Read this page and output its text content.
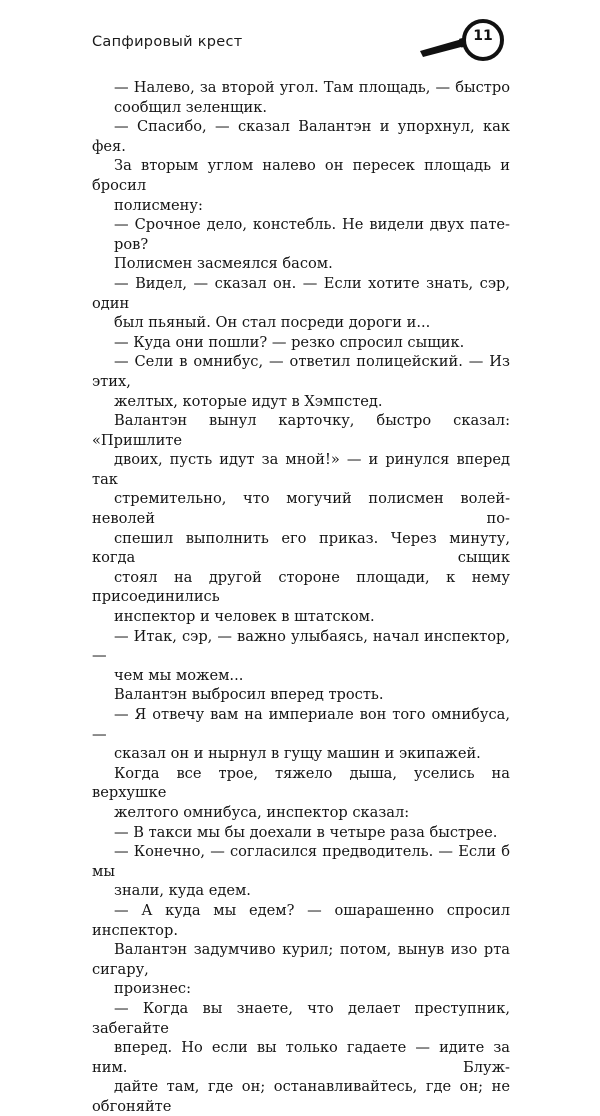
Сапфировый крест	11
— Налево, за второй угол. Там площадь, — быстро
сообщил зеленщик.
— Спасибо, — сказал Валантэн и упорхнул, как фея.
За вторым углом налево он пересек площадь и бросил
полисмену:
— Срочное дело, констебль. Не видели двух пате-
ров?
Полисмен засмеялся басом.
— Видел, — сказал он. — Если хотите знать, сэр, один
был пьяный. Он стал посреди дороги и...
— Куда они пошли? — резко спросил сыщик.
— Сели в омнибус, — ответил полицейский. — Из этих,
желтых, которые идут в Хэмпстед.
Валантэн вынул карточку, быстро сказал: «Пришлите
двоих, пусть идут за мной!» — и ринулся вперед так
стремительно, что могучий полисмен волей-неволей по-
спешил выполнить его приказ. Через минуту, когда сыщик
стоял на другой стороне площади, к нему присоединились
инспектор и человек в штатском.
— Итак, сэр, — важно улыбаясь, начал инспектор, —
чем мы можем...
Валантэн выбросил вперед трость.
— Я отвечу вам на империале вон того омнибуса, —
сказал он и нырнул в гущу машин и экипажей.
Когда все трое, тяжело дыша, уселись на верхушке
желтого омнибуса, инспектор сказал:
— В такси мы бы доехали в четыре раза быстрее.
— Конечно, — согласился предводитель. — Если б мы
знали, куда едем.
— А куда мы едем? — ошарашенно спросил инспектор.
Валантэн задумчиво курил; потом, вынув изо рта сигару,
произнес:
— Когда вы знаете, что делает преступник, забегайте
вперед. Но если вы только гадаете — идите за ним. Блуж-
дайте там, где он; останавливайтесь, где он; не обгоняйте
